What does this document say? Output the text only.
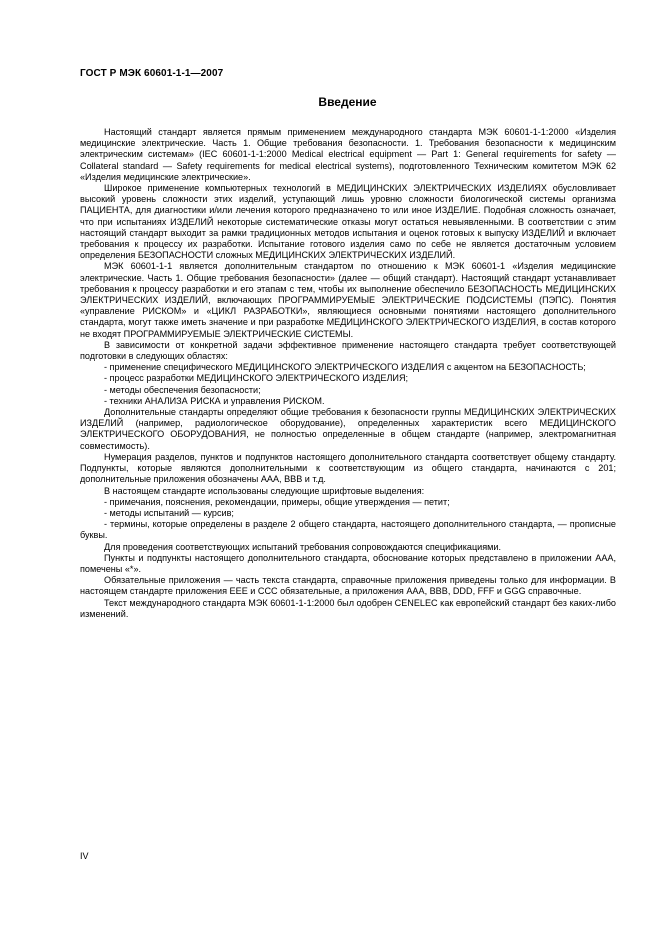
ГОСТ Р МЭК 60601-1-1—2007
Введение

Настоящий стандарт является прямым применением международного стандарта МЭК 60601-1-1:2000 «Изделия медицинские электрические. Часть 1. Общие требования безопасности. 1. Требования безопасности к медицинским электрическим системам» (IEC 60601-1-1:2000 Medical electrical equipment — Part 1: General requirements for safety — Collateral standard — Safety requirements for medical electrical systems), подготовленного Техническим комитетом МЭК 62 «Изделия медицинские электрические».

Широкое применение компьютерных технологий в МЕДИЦИНСКИХ ЭЛЕКТРИЧЕСКИХ ИЗДЕЛИЯХ обусловливает высокий уровень сложности этих изделий, уступающий лишь уровню сложности биологической системы организма ПАЦИЕНТА, для диагностики и/или лечения которого предназначено то или иное ИЗДЕЛИЕ. Подобная сложность означает, что при испытаниях ИЗДЕЛИЙ некоторые систематические отказы могут остаться невыявленными. В соответствии с этим настоящий стандарт выходит за рамки традиционных методов испытания и оценок готовых к выпуску ИЗДЕЛИЙ и включает требования к процессу их разработки. Испытание готового изделия само по себе не является достаточным условием определения БЕЗОПАСНОСТИ сложных МЕДИЦИНСКИХ ЭЛЕКТРИЧЕСКИХ ИЗДЕЛИЙ.

МЭК 60601-1-1 является дополнительным стандартом по отношению к МЭК 60601-1 «Изделия медицинские электрические. Часть 1. Общие требования безопасности» (далее — общий стандарт). Настоящий стандарт устанавливает требования к процессу разработки и его этапам с тем, чтобы их выполнение обеспечило БЕЗОПАСНОСТЬ МЕДИЦИНСКИХ ЭЛЕКТРИЧЕСКИХ ИЗДЕЛИЙ, включающих ПРОГРАММИРУЕМЫЕ ЭЛЕКТРИЧЕСКИЕ ПОДСИСТЕМЫ (ПЭПС). Понятия «управление РИСКОМ» и «ЦИКЛ РАЗРАБОТКИ», являющиеся основными понятиями настоящего дополнительного стандарта, могут также иметь значение и при разработке МЕДИЦИНСКОГО ЭЛЕКТРИЧЕСКОГО ИЗДЕЛИЯ, в состав которого не входят ПРОГРАММИРУЕМЫЕ ЭЛЕКТРИЧЕСКИЕ СИСТЕМЫ.

В зависимости от конкретной задачи эффективное применение настоящего стандарта требует соответствующей подготовки в следующих областях:

- применение специфического МЕДИЦИНСКОГО ЭЛЕКТРИЧЕСКОГО ИЗДЕЛИЯ с акцентом на БЕЗОПАСНОСТЬ;

- процесс разработки МЕДИЦИНСКОГО ЭЛЕКТРИЧЕСКОГО ИЗДЕЛИЯ;

- методы обеспечения безопасности;

- техники АНАЛИЗА РИСКА и управления РИСКОМ.

Дополнительные стандарты определяют общие требования к безопасности группы МЕДИЦИНСКИХ ЭЛЕКТРИЧЕСКИХ ИЗДЕЛИЙ (например, радиологическое оборудование), определенных характеристик всего МЕДИЦИНСКОГО ЭЛЕКТРИЧЕСКОГО ОБОРУДОВАНИЯ, не полностью определенные в общем стандарте (например, электромагнитная совместимость).

Нумерация разделов, пунктов и подпунктов настоящего дополнительного стандарта соответствует общему стандарту. Подпункты, которые являются дополнительными к соответствующим из общего стандарта, начинаются с 201; дополнительные приложения обозначены ААА, ВВВ и т.д.

В настоящем стандарте использованы следующие шрифтовые выделения:

- примечания, пояснения, рекомендации, примеры, общие утверждения — петит;

- методы испытаний — курсив;

- термины, которые определены в разделе 2 общего стандарта, настоящего дополнительного стандарта, — прописные буквы.

Для проведения соответствующих испытаний требования сопровождаются спецификациями.

Пункты и подпункты настоящего дополнительного стандарта, обоснование которых представлено в приложении ААА, помечены «*».

Обязательные приложения — часть текста стандарта, справочные приложения приведены только для информации. В настоящем стандарте приложения ЕЕЕ и ССС обязательные, а приложения ААА, ВВВ, DDD, FFF и GGG справочные.

Текст международного стандарта МЭК 60601-1-1:2000 был одобрен CENELEC как европейский стандарт без каких-либо изменений.

IV
